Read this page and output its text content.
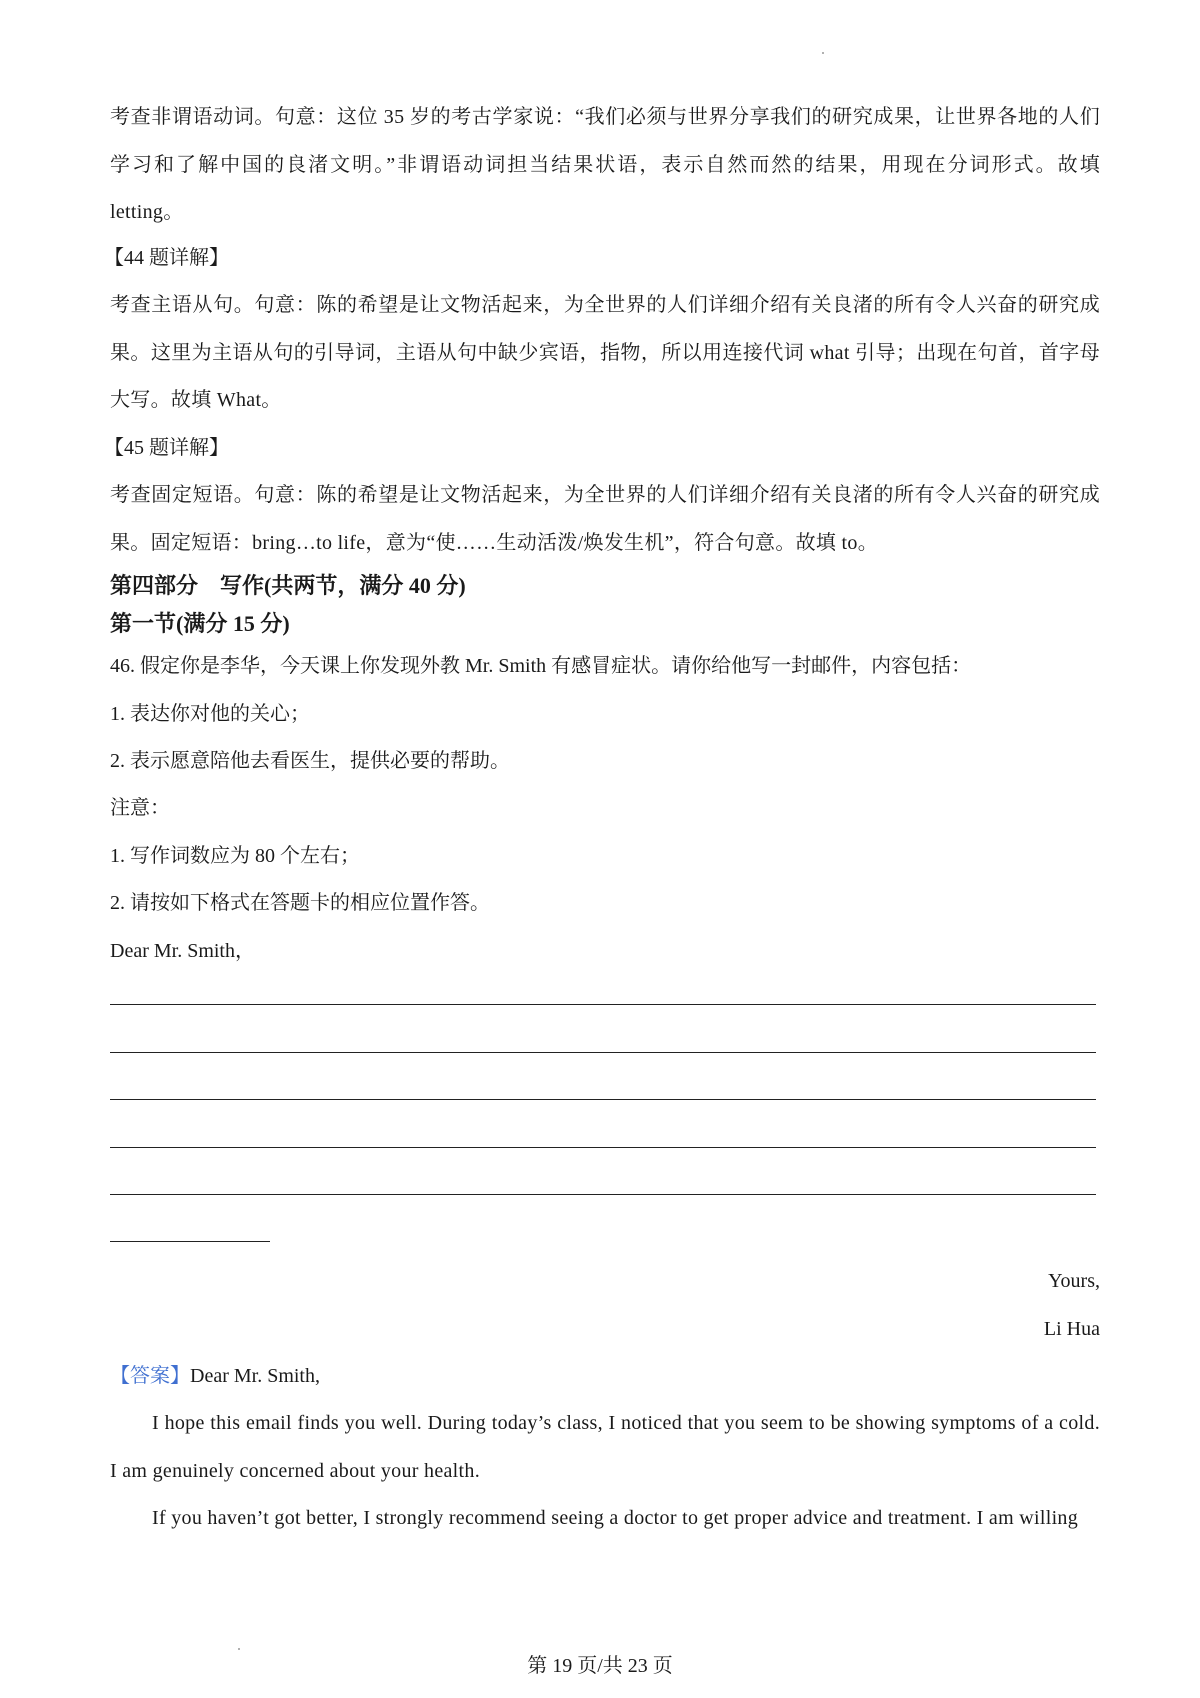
考查非谓语动词。句意：这位 35 岁的考古学家说：“我们必须与世界分享我们的研究成果，让世界各地的人们学习和了解中国的良渚文明。”非谓语动词担当结果状语，表示自然而然的结果，用现在分词形式。故填 letting。

【44 题详解】

考查主语从句。句意：陈的希望是让文物活起来，为全世界的人们详细介绍有关良渚的所有令人兴奋的研究成果。这里为主语从句的引导词，主语从句中缺少宾语，指物，所以用连接代词 what 引导；出现在句首，首字母大写。故填 What。

【45 题详解】

考查固定短语。句意：陈的希望是让文物活起来，为全世界的人们详细介绍有关良渚的所有令人兴奋的研究成果。固定短语：bring…to life，意为“使……生动活泼/焕发生机”，符合句意。故填 to。

第四部分　写作(共两节，满分 40 分)
第一节(满分 15 分)
46. 假定你是李华，今天课上你发现外教 Mr. Smith 有感冒症状。请你给他写一封邮件，内容包括：
1. 表达你对他的关心；
2. 表示愿意陪他去看医生，提供必要的帮助。
注意：
1. 写作词数应为 80 个左右；
2. 请按如下格式在答题卡的相应位置作答。
Dear Mr. Smith，
Yours,
Li Hua
【答案】Dear Mr. Smith,

I hope this email finds you well. During today’s class, I noticed that you seem to be showing symptoms of a cold. I am genuinely concerned about your health.

If you haven’t got better, I strongly recommend seeing a doctor to get proper advice and treatment. I am willing

第 19 页/共 23 页
